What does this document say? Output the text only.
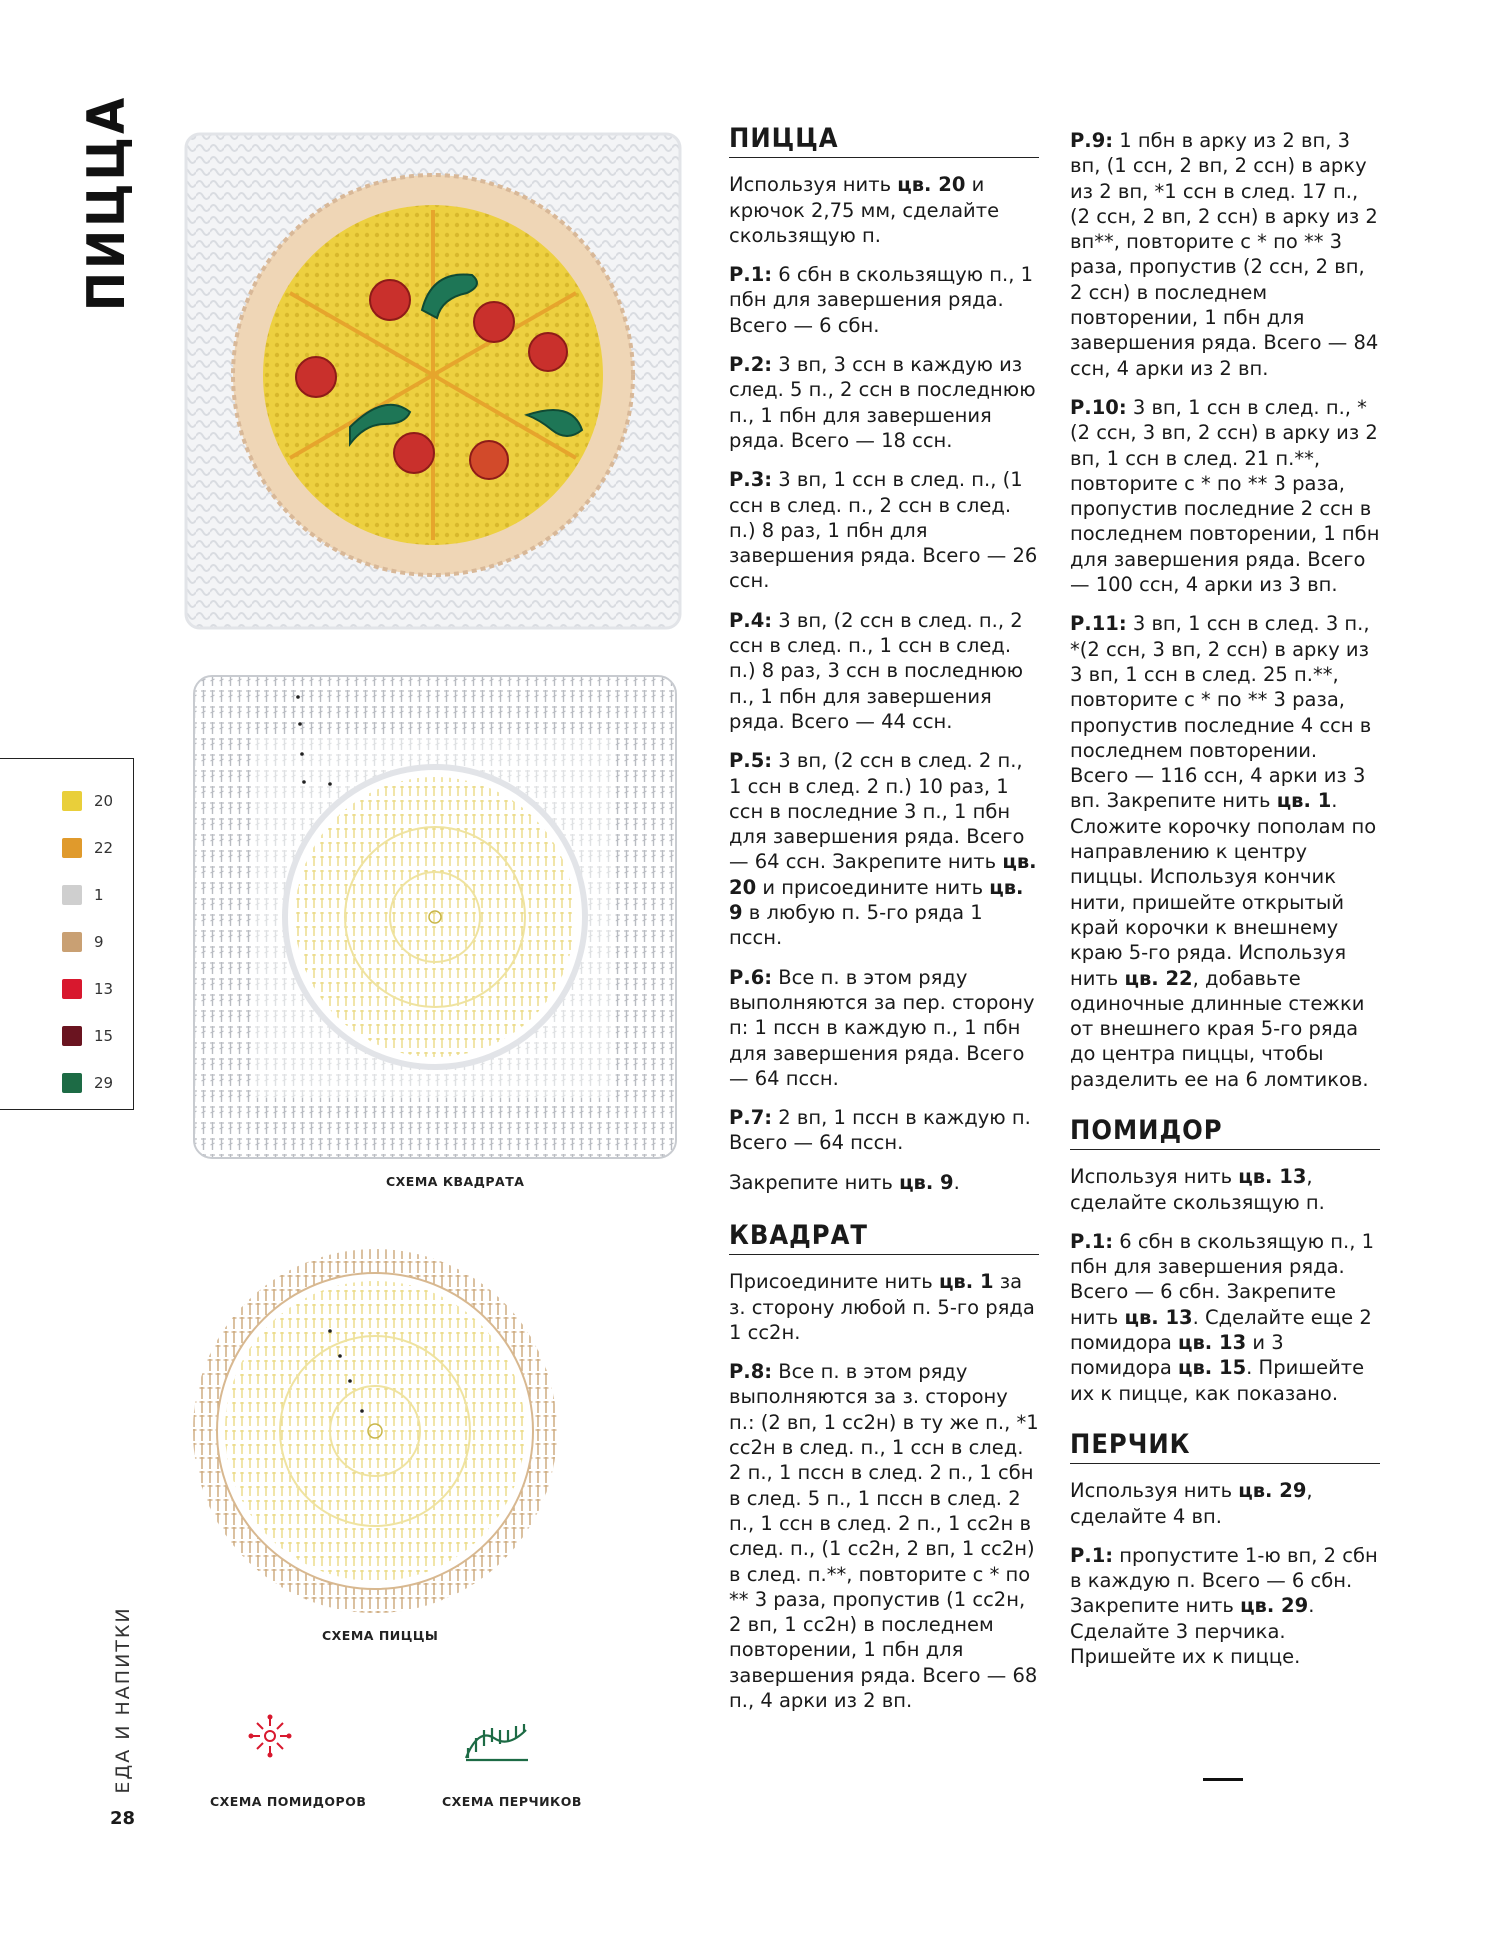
ПИЦЦА
СХЕМА КВАДРАТА
СХЕМА ПИЦЦЫ
СХЕМА ПОМИДОРОВ	СХЕМА ПЕРЧИКОВ
20
22
1
9
13
15
29
ЕДА И НАПИТКИ
28
ПИЦЦА

Используя нить цв. 20 и крючок 2,75 мм, сделайте скользящую п.

Р.1: 6 сбн в скользящую п., 1 пбн для завершения ряда. Всего — 6 сбн.

Р.2: 3 вп, 3 ссн в каждую из след. 5 п., 2 ссн в последнюю п., 1 пбн для завершения ряда. Всего — 18 ссн.

Р.3: 3 вп, 1 ссн в след. п., (1 ссн в след. п., 2 ссн в след. п.) 8 раз, 1 пбн для завершения ряда. Всего — 26 ссн.

Р.4: 3 вп, (2 ссн в след. п., 2 ссн в след. п., 1 ссн в след. п.) 8 раз, 3 ссн в последнюю п., 1 пбн для завершения ряда. Всего — 44 ссн.

Р.5: 3 вп, (2 ссн в след. 2 п., 1 ссн в след. 2 п.) 10 раз, 1 ссн в последние 3 п., 1 пбн для завершения ряда. Всего — 64 ссн. Закрепите нить цв. 20 и присоедините нить цв. 9 в любую п. 5-го ряда 1 пссн.

Р.6: Все п. в этом ряду выполняются за пер. сторону п: 1 пссн в каждую п., 1 пбн для завершения ряда. Всего — 64 пссн.

Р.7: 2 вп, 1 пссн в каждую п. Всего — 64 пссн.

Закрепите нить цв. 9.

КВАДРАТ

Присоедините нить цв. 1 за з. сторону любой п. 5-го ряда 1 сс2н.

Р.8: Все п. в этом ряду выполняются за з. сторону п.: (2 вп, 1 сс2н) в ту же п., *1 сс2н в след. п., 1 ссн в след. 2 п., 1 пссн в след. 2 п., 1 сбн в след. 5 п., 1 пссн в след. 2 п., 1 ссн в след. 2 п., 1 сс2н в след. п., (1 сс2н, 2 вп, 1 сс2н) в след. п.**, повторите с * по ** 3 раза, пропустив (1 сс2н, 2 вп, 1 сс2н) в последнем повторении, 1 пбн для завершения ряда. Всего — 68 п., 4 арки из 2 вп.

Р.9: 1 пбн в арку из 2 вп, 3 вп, (1 ссн, 2 вп, 2 ссн) в арку из 2 вп, *1 ссн в след. 17 п., (2 ссн, 2 вп, 2 ссн) в арку из 2 вп**, повторите с * по ** 3 раза, пропустив (2 ссн, 2 вп, 2 ссн) в последнем повторении, 1 пбн для завершения ряда. Всего — 84 ссн, 4 арки из 2 вп.

Р.10: 3 вп, 1 ссн в след. п., *(2 ссн, 3 вп, 2 ссн) в арку из 2 вп, 1 ссн в след. 21 п.**, повторите с * по ** 3 раза, пропустив последние 2 ссн в последнем повторении, 1 пбн для завершения ряда. Всего — 100 ссн, 4 арки из 3 вп.

Р.11: 3 вп, 1 ссн в след. 3 п., *(2 ссн, 3 вп, 2 ссн) в арку из 3 вп, 1 ссн в след. 25 п.**, повторите с * по ** 3 раза, пропустив последние 4 ссн в последнем повторении. Всего — 116 ссн, 4 арки из 3 вп. Закрепите нить цв. 1. Сложите корочку пополам по направлению к центру пиццы. Используя кончик нити, пришейте открытый край корочки к внешнему краю 5-го ряда. Используя нить цв. 22, добавьте одиночные длинные стежки от внешнего края 5-го ряда до центра пиццы, чтобы разделить ее на 6 ломтиков.

ПОМИДОР

Используя нить цв. 13, сделайте скользящую п.

Р.1: 6 сбн в скользящую п., 1 пбн для завершения ряда. Всего — 6 сбн. Закрепите нить цв. 13. Сделайте еще 2 помидора цв. 13 и 3 помидора цв. 15. Пришейте их к пицце, как показано.

ПЕРЧИК

Используя нить цв. 29, сделайте 4 вп.

Р.1: пропустите 1-ю вп, 2 сбн в каждую п. Всего — 6 сбн. Закрепите нить цв. 29. Сделайте 3 перчика. Пришейте их к пицце.
